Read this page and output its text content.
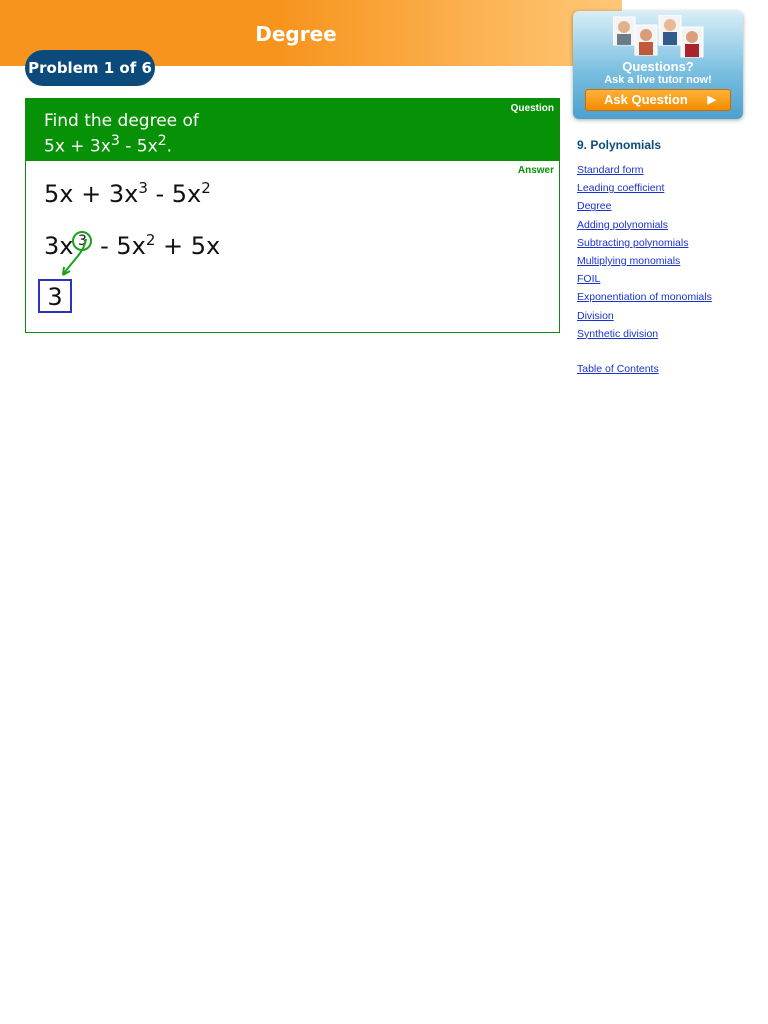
Degree
Problem 1 of 6
Question
Find the degree of
$5x + 3x^3 - 5x^2$.
Answer
$5x + 3x^3 - 5x^2$
3x $3 - 5x^2 + 5x$
3
Questions?
Ask a live tutor now!
Ask Question ▶
9. Polynomials
Standard form
Leading coefficient
Degree
Adding polynomials
Subtracting polynomials
Multiplying monomials
FOIL
Exponentiation of monomials
Division
Synthetic division
Table of Contents
